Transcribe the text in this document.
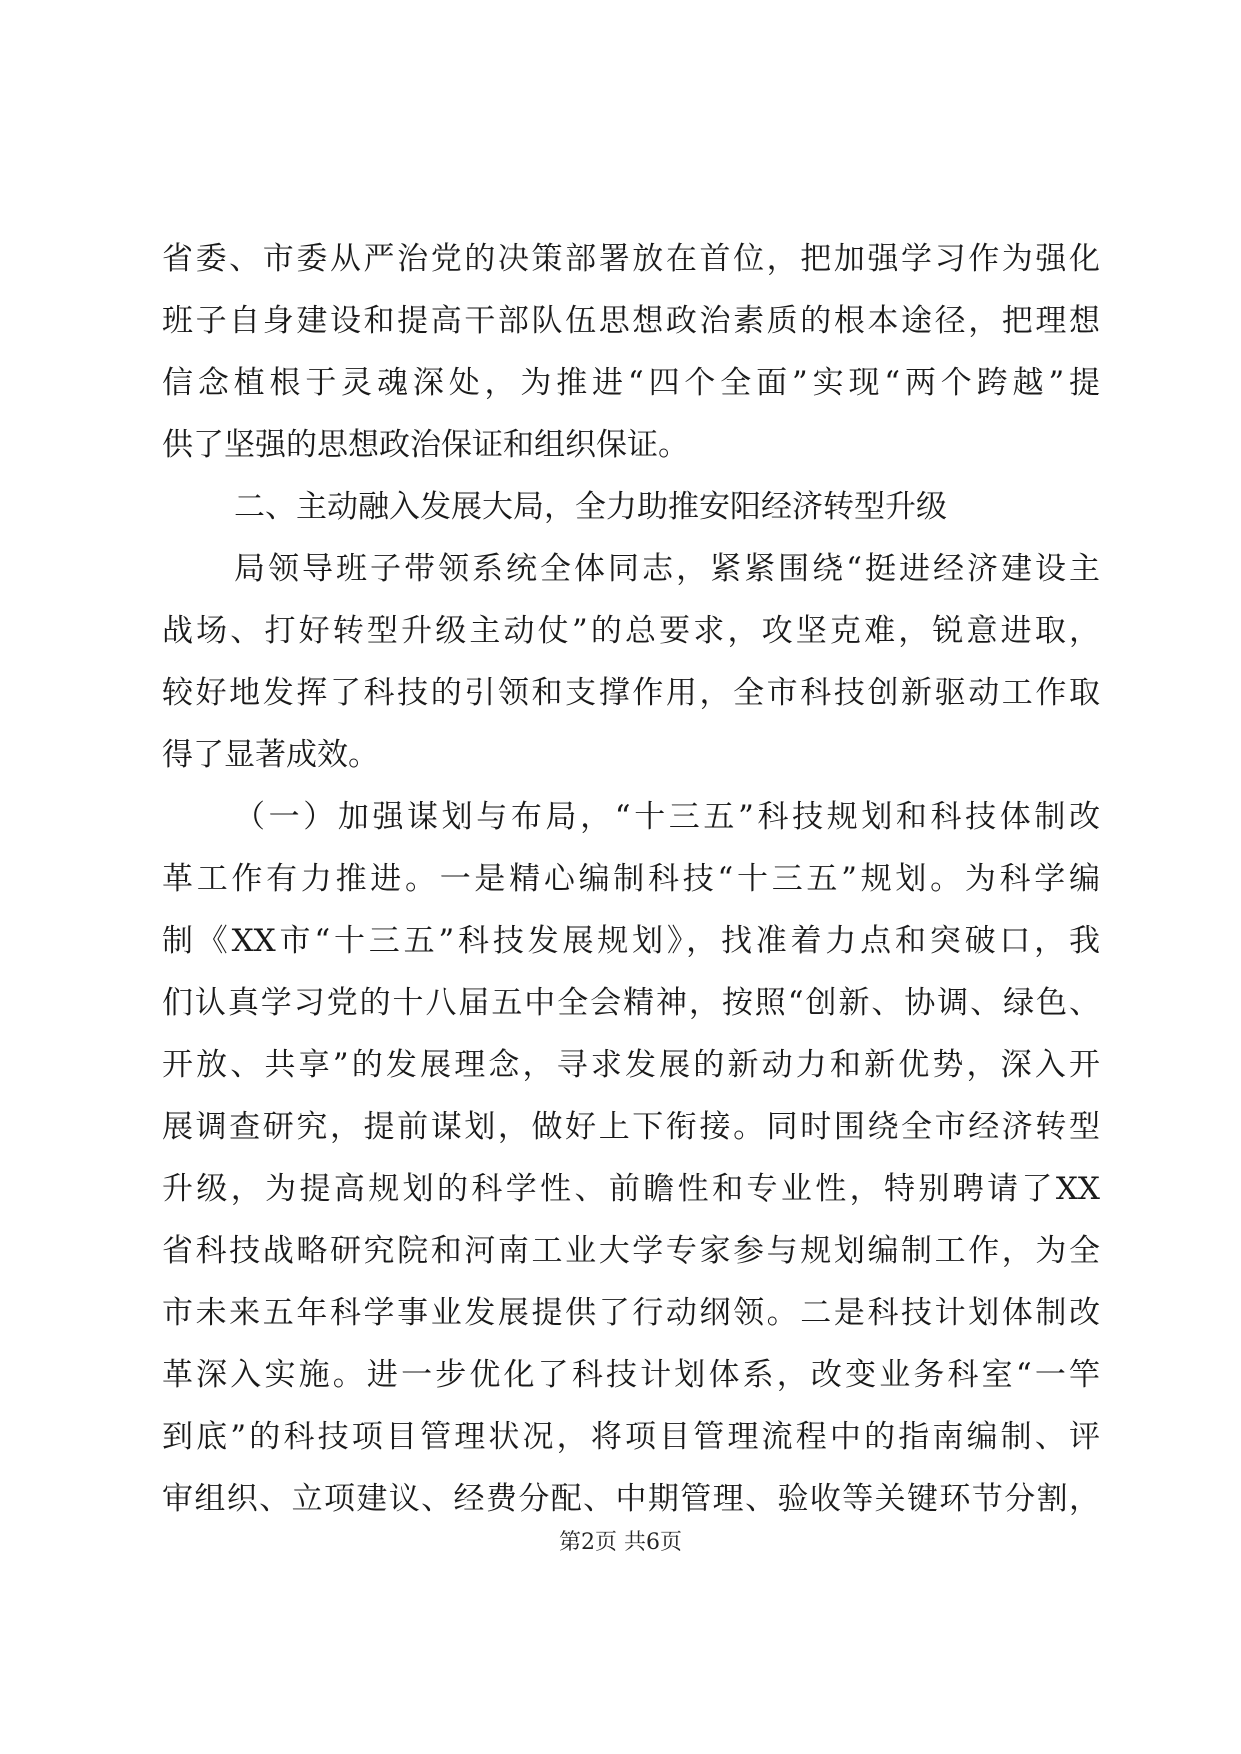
省委、市委从严治党的决策部署放在首位，把加强学习作为强化
班子自身建设和提高干部队伍思想政治素质的根本途径，把理想
信念植根于灵魂深处，为推进“四个全面”实现“两个跨越”提
供了坚强的思想政治保证和组织保证。
二、主动融入发展大局，全力助推安阳经济转型升级
局领导班子带领系统全体同志，紧紧围绕“挺进经济建设主
战场、打好转型升级主动仗”的总要求，攻坚克难，锐意进取，
较好地发挥了科技的引领和支撑作用，全市科技创新驱动工作取
得了显著成效。
（一）加强谋划与布局，“十三五”科技规划和科技体制改
革工作有力推进。一是精心编制科技“十三五”规划。为科学编
制《XX市“十三五”科技发展规划》，找准着力点和突破口，我
们认真学习党的十八届五中全会精神，按照“创新、协调、绿色、
开放、共享”的发展理念，寻求发展的新动力和新优势，深入开
展调查研究，提前谋划，做好上下衔接。同时围绕全市经济转型
升级，为提高规划的科学性、前瞻性和专业性，特别聘请了XX
省科技战略研究院和河南工业大学专家参与规划编制工作，为全
市未来五年科学事业发展提供了行动纲领。二是科技计划体制改
革深入实施。进一步优化了科技计划体系，改变业务科室“一竿
到底”的科技项目管理状况，将项目管理流程中的指南编制、评
审组织、立项建议、经费分配、中期管理、验收等关键环节分割，
第2页 共6页
